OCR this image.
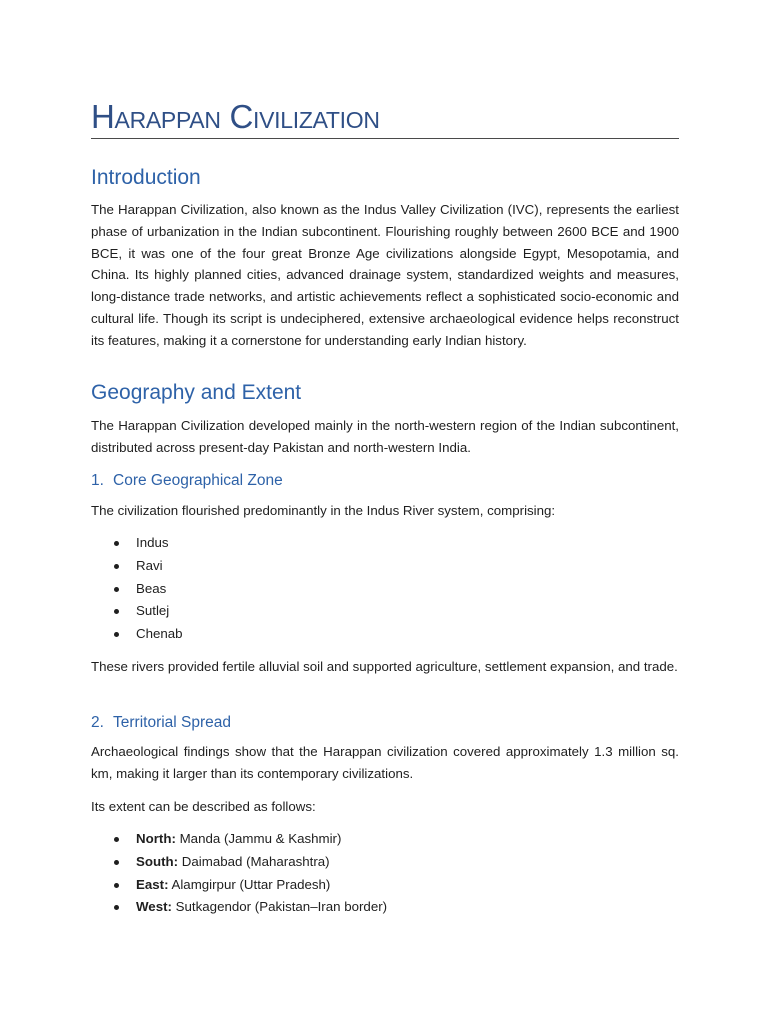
Harappan Civilization
Introduction

The Harappan Civilization, also known as the Indus Valley Civilization (IVC), represents the earliest phase of urbanization in the Indian subcontinent. Flourishing roughly between 2600 BCE and 1900 BCE, it was one of the four great Bronze Age civilizations alongside Egypt, Mesopotamia, and China. Its highly planned cities, advanced drainage system, standardized weights and measures, long-distance trade networks, and artistic achievements reflect a sophisticated socio-economic and cultural life. Though its script is undeciphered, extensive archaeological evidence helps reconstruct its features, making it a cornerstone for understanding early Indian history.

Geography and Extent

The Harappan Civilization developed mainly in the north-western region of the Indian subcontinent, distributed across present-day Pakistan and north-western India.

1. Core Geographical Zone

The civilization flourished predominantly in the Indus River system, comprising:

Indus
Ravi
Beas
Sutlej
Chenab

These rivers provided fertile alluvial soil and supported agriculture, settlement expansion, and trade.

2. Territorial Spread

Archaeological findings show that the Harappan civilization covered approximately 1.3 million sq. km, making it larger than its contemporary civilizations.

Its extent can be described as follows:

North: Manda (Jammu & Kashmir)
South: Daimabad (Maharashtra)
East: Alamgirpur (Uttar Pradesh)
West: Sutkagendor (Pakistan–Iran border)
